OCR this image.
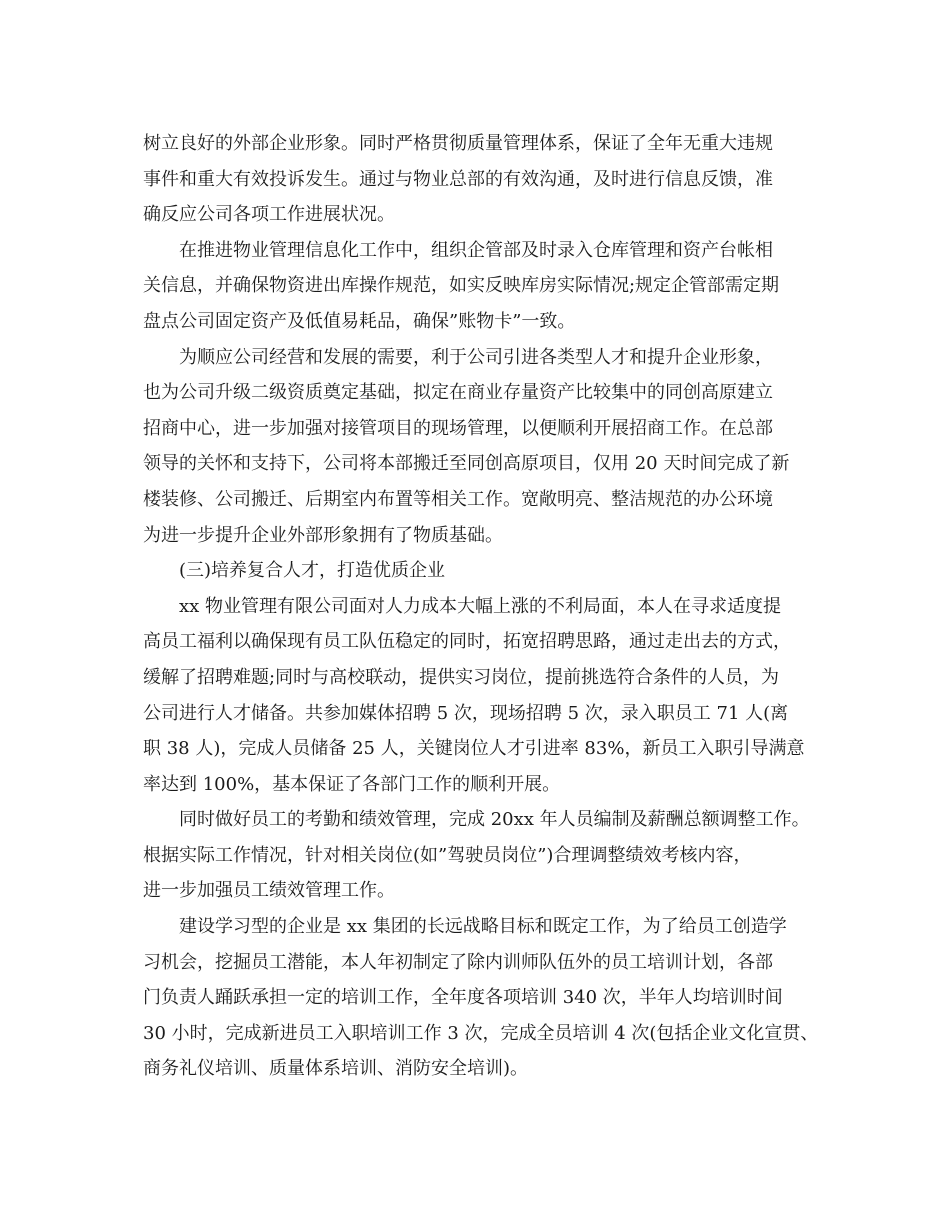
树立良好的外部企业形象。同时严格贯彻质量管理体系，保证了全年无重大违规
事件和重大有效投诉发生。通过与物业总部的有效沟通，及时进行信息反馈，准
确反应公司各项工作进展状况。
在推进物业管理信息化工作中，组织企管部及时录入仓库管理和资产台帐相
关信息，并确保物资进出库操作规范，如实反映库房实际情况;规定企管部需定期
盘点公司固定资产及低值易耗品，确保”账物卡”一致。
为顺应公司经营和发展的需要，利于公司引进各类型人才和提升企业形象，
也为公司升级二级资质奠定基础，拟定在商业存量资产比较集中的同创高原建立
招商中心，进一步加强对接管项目的现场管理，以便顺利开展招商工作。在总部
领导的关怀和支持下，公司将本部搬迁至同创高原项目，仅用 20 天时间完成了新
楼装修、公司搬迁、后期室内布置等相关工作。宽敞明亮、整洁规范的办公环境
为进一步提升企业外部形象拥有了物质基础。
(三)培养复合人才，打造优质企业
xx 物业管理有限公司面对人力成本大幅上涨的不利局面，本人在寻求适度提
高员工福利以确保现有员工队伍稳定的同时，拓宽招聘思路，通过走出去的方式，
缓解了招聘难题;同时与高校联动，提供实习岗位，提前挑选符合条件的人员，为
公司进行人才储备。共参加媒体招聘 5 次，现场招聘 5 次，录入职员工 71 人(离
职 38 人)，完成人员储备 25 人，关键岗位人才引进率 83%，新员工入职引导满意
率达到 100%，基本保证了各部门工作的顺利开展。
同时做好员工的考勤和绩效管理，完成 20xx 年人员编制及薪酬总额调整工作。
根据实际工作情况，针对相关岗位(如”驾驶员岗位”)合理调整绩效考核内容，
进一步加强员工绩效管理工作。
建设学习型的企业是 xx 集团的长远战略目标和既定工作，为了给员工创造学
习机会，挖掘员工潜能，本人年初制定了除内训师队伍外的员工培训计划，各部
门负责人踊跃承担一定的培训工作，全年度各项培训 340 次，半年人均培训时间
30 小时，完成新进员工入职培训工作 3 次，完成全员培训 4 次(包括企业文化宣贯、
商务礼仪培训、质量体系培训、消防安全培训)。
